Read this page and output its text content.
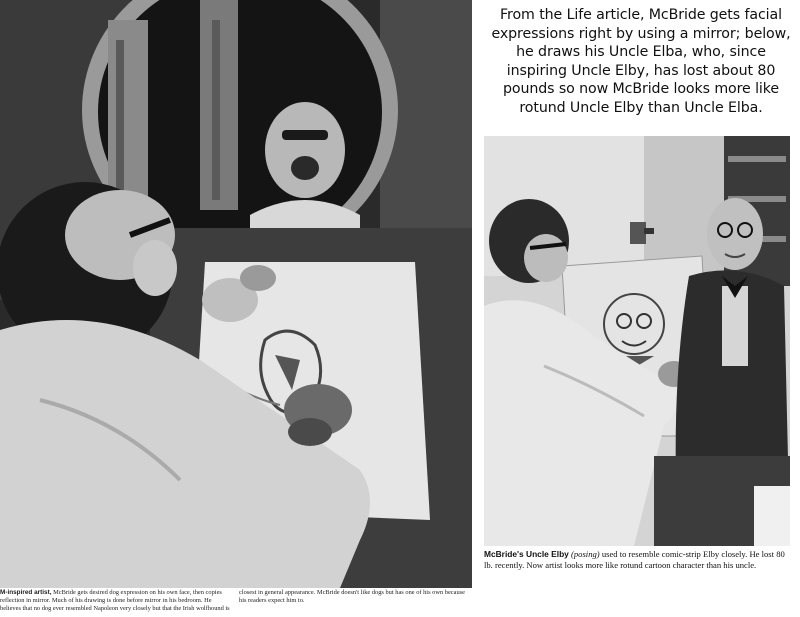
M-inspired artist, McBride gets desired dog expression on his own face, then copies reflection in mirror. Much of his drawing is done before mirror in his bedroom. He believes that no dog ever resembled Napoleon very closely but that the Irish wolfhound is closest in general appearance. McBride doesn't like dogs but has one of his own because his readers expect him to.
From the Life article, McBride gets facial expressions right by using a mirror; below, he draws his Uncle Elba, who, since inspiring Uncle Elby, has lost about 80 pounds so now McBride looks more like rotund Uncle Elby than Uncle Elba.
McBride's Uncle Elby (posing) used to resemble comic-strip Elby closely. He lost 80 lb. recently. Now artist looks more like rotund cartoon character than his uncle.
